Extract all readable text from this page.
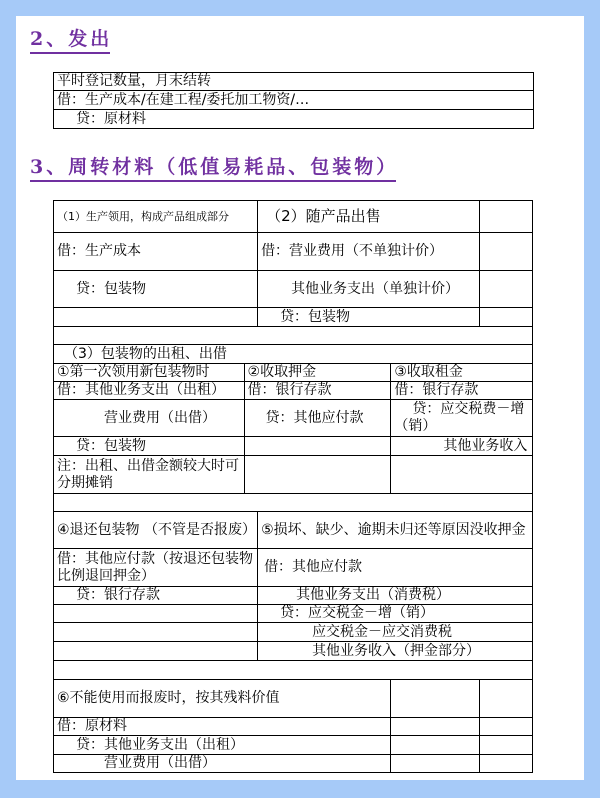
2、发出
平时登记数量，月末结转
借：生产成本/在建工程/委托加工物资/…
贷：原材料
3、周转材料（低值易耗品、包装物）
（1）生产领用，构成产品组成部分		（2）随产品出售		
借：生产成本		借：营业费用（不单独计价）		
贷：包装物		其他业务支出（单独计价）		
		贷：包装物		

（3）包装物的出租、出借				
①第一次领用新包装物时	②收取押金		③收取租金	
借：其他业务支出（出租）	借：银行存款		借：银行存款	
营业费用（出借）	贷：其他应付款		贷：应交税费－增（销）	
贷：包装物			其他业务收入	
注：出租、出借金额较大时可分期摊销				

④退还包装物 （不管是否报废）		⑤损坏、缺少、逾期未归还等原因没收押金		
借：其他应付款（按退还包装物比例退回押金）		借：其他应付款		
贷：银行存款		其他业务支出（消费税）		
		贷：应交税金－增（销）		
		应交税金－应交消费税		
		其他业务收入（押金部分）		

⑥不能使用而报废时，按其残料价值				
借：原材料				
贷：其他业务支出（出租）				
营业费用（出借）				
